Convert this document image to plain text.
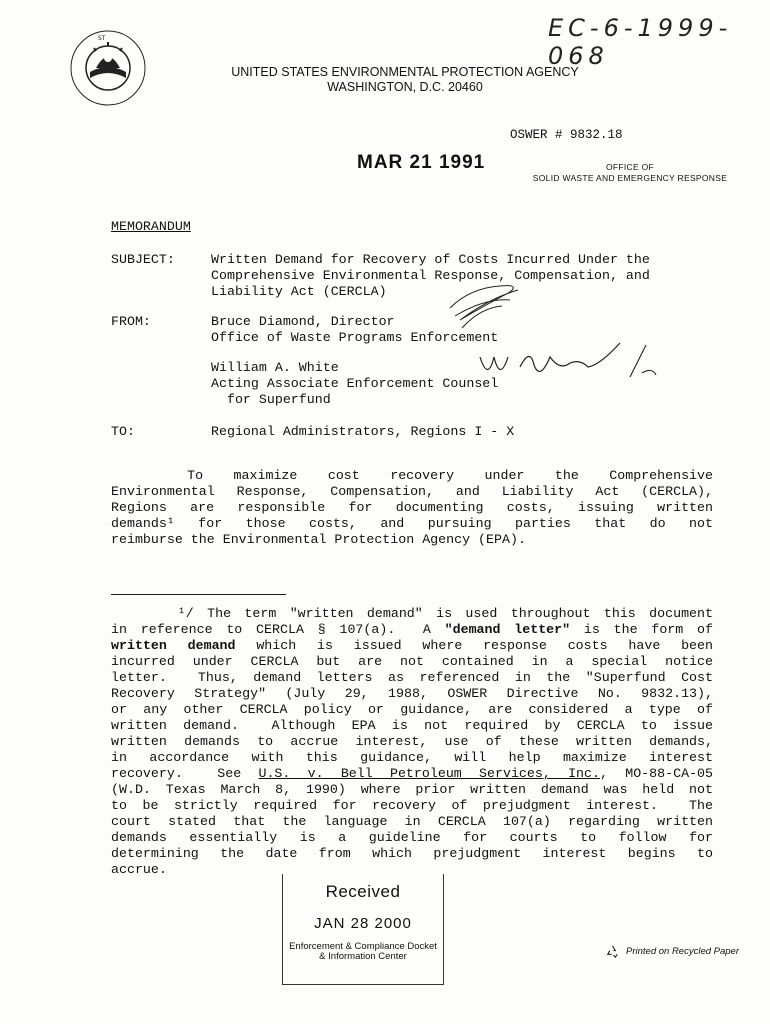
ST	EC-6-1999-068
UNITED STATES ENVIRONMENTAL PROTECTION AGENCY
WASHINGTON, D.C. 20460
OSWER # 9832.18
MAR 21 1991	OFFICE OF
SOLID WASTE AND EMERGENCY RESPONSE
MEMORANDUM
SUBJECT:	Written Demand for Recovery of Costs Incurred Under the
Comprehensive Environmental Response, Compensation, and
Liability Act (CERCLA)
FROM:	Bruce Diamond, Director
Office of Waste Programs Enforcement
William A. White
Acting Associate Enforcement Counsel
for Superfund
TO:	Regional Administrators, Regions I - X
To  maximize  cost  recovery  under  the  Comprehensive
Environmental Response, Compensation, and Liability Act (CERCLA),
Regions are responsible for documenting costs, issuing written
demands¹ for those costs, and pursuing parties that do not
reimburse the Environmental Protection Agency (EPA).
¹/ The term "written demand" is used throughout this document
in reference to CERCLA § 107(a).  A "demand letter" is the form of
written demand which is issued where response costs have been
incurred under CERCLA but are not contained in a special notice
letter.  Thus, demand letters as referenced in the "Superfund Cost
Recovery Strategy" (July 29, 1988, OSWER Directive No. 9832.13),
or any other CERCLA policy or guidance, are considered a type of
written demand.  Although EPA is not required by CERCLA to issue
written demands to accrue interest, use of these written demands,
in accordance with this guidance, will help maximize interest
recovery.  See U.S. v. Bell Petroleum Services, Inc., MO-88-CA-05
(W.D. Texas March 8, 1990) where prior written demand was held not
to be strictly required for recovery of prejudgment interest.  The
court stated that the language in CERCLA 107(a) regarding written
demands essentially is a guideline for courts to follow for
determining the date from which prejudgment interest begins to
accrue.
Received
JAN 28 2000
Enforcement & Compliance Docket
& Information Center	Printed on Recycled Paper
